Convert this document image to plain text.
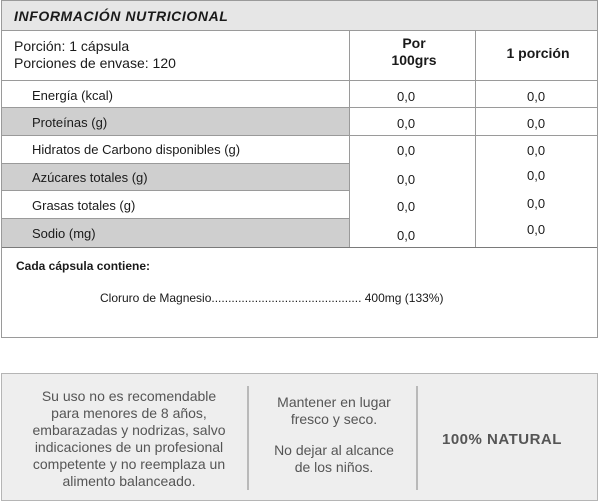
INFORMACIÓN NUTRICIONAL
Porción: 1 cápsula
Porciones de envase: 120
Por
100grs	1 porción
Energía (kcal)	0,0	0,0
Proteínas (g)	0,0	0,0
Hidratos de Carbono disponibles (g)	0,0	0,0
Azúcares totales (g)	0,0	0,0
Grasas totales (g)	0,0	0,0
Sodio (mg)	0,0	0,0
Cada cápsula contiene:
Cloruro de Magnesio............................................. 400mg (133%)
Su uso no es recomendable
para menores de 8 años,
embarazadas y nodrizas, salvo
indicaciones de un profesional
competente y no reemplaza un
alimento balanceado.
Mantener en lugar
fresco y seco.
No dejar al alcance
de los niños.
100% NATURAL
